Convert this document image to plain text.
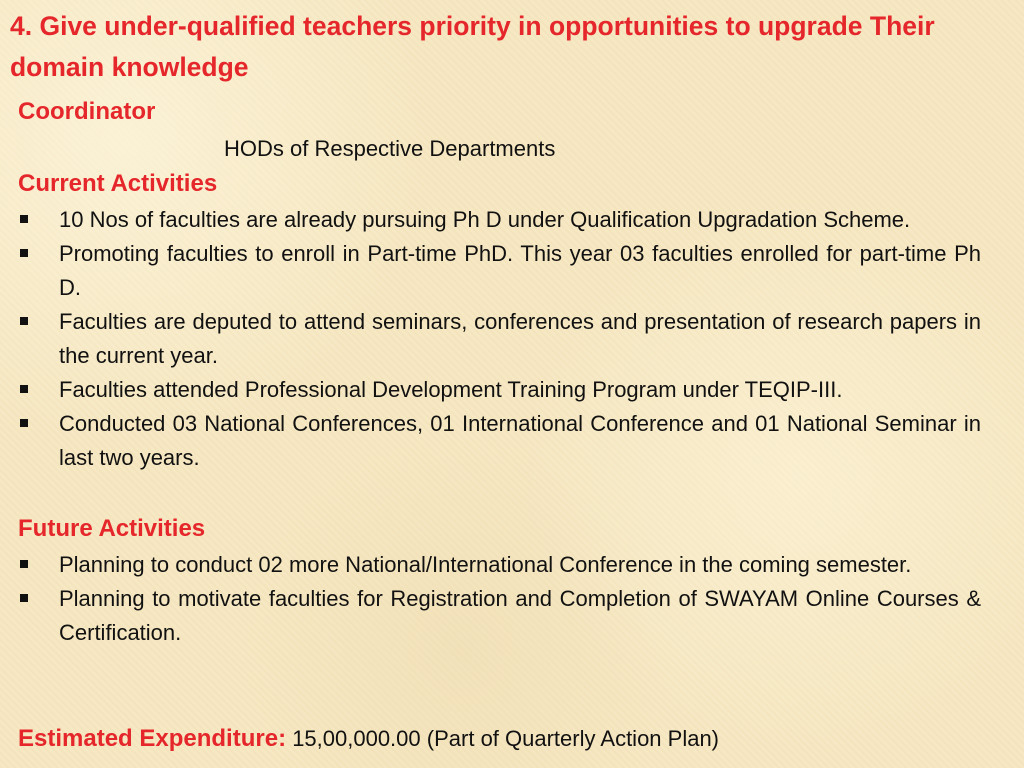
4. Give under-qualified teachers priority in opportunities to upgrade Their domain knowledge
Coordinator
HODs of Respective Departments
Current Activities
10 Nos of faculties are already pursuing Ph D under Qualification Upgradation Scheme.
Promoting faculties to enroll in Part-time PhD. This year 03 faculties enrolled for part-time Ph D.
Faculties are deputed to attend seminars, conferences and presentation of research papers in the current year.
Faculties attended Professional Development Training Program under TEQIP-III.
Conducted 03 National Conferences, 01 International Conference and 01 National Seminar in last two years.
Future Activities
Planning to conduct 02 more National/International Conference in the coming semester.
Planning to motivate faculties for Registration and Completion of SWAYAM Online Courses & Certification.
Estimated Expenditure: 15,00,000.00 (Part of Quarterly Action Plan)
